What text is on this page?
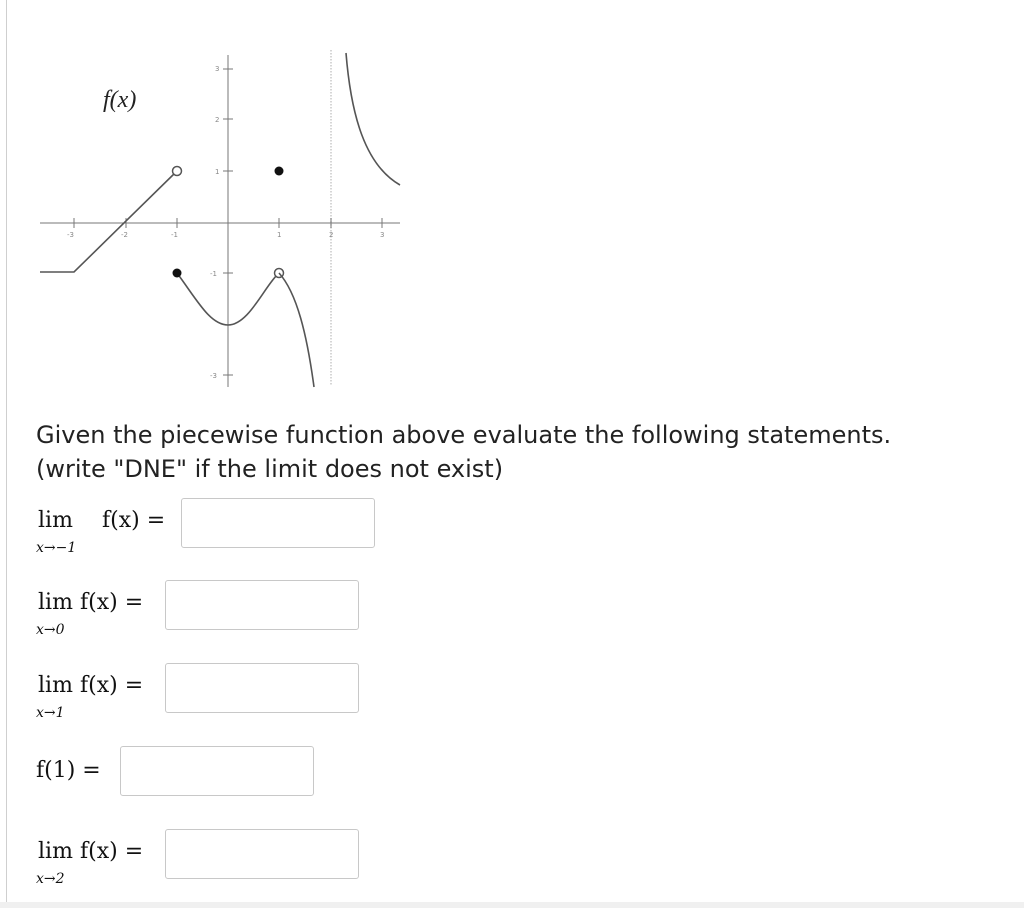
-3	-2	-1	1	2	3
3
2
1
-1
-3
f(x)
Given the piecewise function above evaluate the following statements.
(write "DNE" if the limit does not exist)
lim
x→−1
f(x) =
lim
x→0
f(x) =
lim
x→1
f(x) =
f(1) =
lim
x→2
f(x) =
